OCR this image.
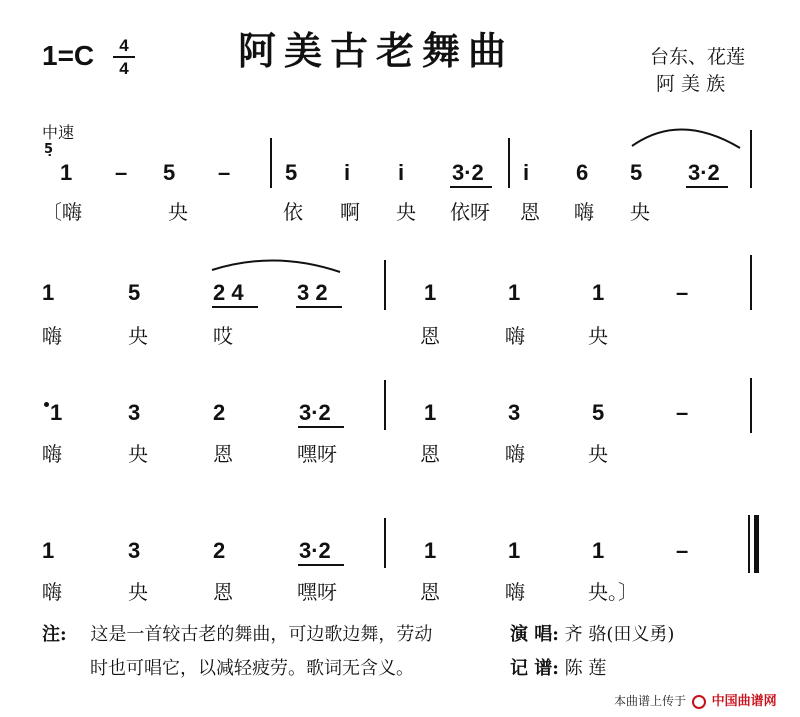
1=C	4
4	阿美古老舞曲	台东、花莲
阿 美 族
中速
5̣
1 – 5 – 5 i i 3·2 i 6 5 3·2
〔嗨	央	依 啊 央 依呀 恩 嗨 央
1	5	2 4 3 2	1	1	1	–
嗨	央	哎	恩	嗨	央
1	3	2	3·2	1	3	5	–
嗨	央	恩	嘿呀	恩	嗨	央
1	3	2	3·2	1	1	1	–
嗨	央	恩	嘿呀	恩	嗨	央。〕
注: 这是一首较古老的舞曲，可边歌边舞，劳动
时也可唱它，以减轻疲劳。歌词无含义。
演 唱: 齐 骆(田义勇)
记 谱: 陈 莲
本曲谱上传于 中国曲谱网
